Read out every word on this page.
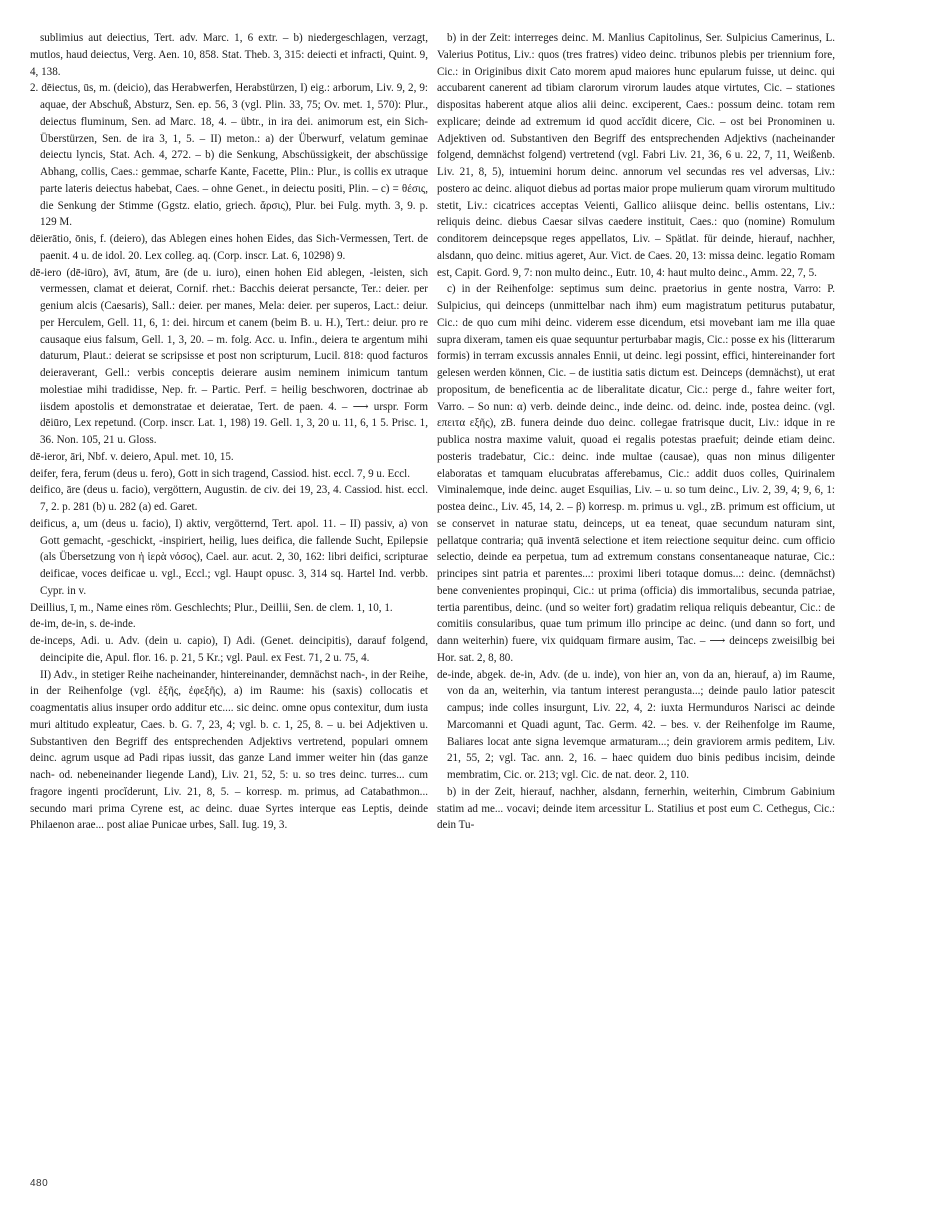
sublimius aut deiectius, Tert. adv. Marc. 1, 6 extr. – b) niedergeschlagen, verzagt, mutlos, haud deiectus, Verg. Aen. 10, 858. Stat. Theb. 3, 315: deiecti et infracti, Quint. 9, 4, 138.

2. dēiectus, ūs, m. (deicio), das Herabwerfen, Herabstürzen, I) eig.: arborum, Liv. 9, 2, 9: aquae, der Abschuß, Absturz, Sen. ep. 56, 3 (vgl. Plin. 33, 75; Ov. met. 1, 570): Plur., deiectus fluminum, Sen. ad Marc. 18, 4. – übtr., in ira dei. animorum est, ein Sich-Überstürzen, Sen. de ira 3, 1, 5. – II) meton.: a) der Überwurf, velatum geminae deiectu lyncis, Stat. Ach. 4, 272. – b) die Senkung, Abschüssigkeit, der abschüssige Abhang, collis, Caes.: gemmae, scharfe Kante, Facette, Plin.: Plur., is collis ex utraque parte lateris deiectus habebat, Caes. – ohne Genet., in deiectu positi, Plin. – c) = θέσις, die Senkung der Stimme (Ggstz. elatio, griech. ἄρσις), Plur. bei Fulg. myth. 3, 9. p. 129 M.

dēierātio, ōnis, f. (deiero), das Ablegen eines hohen Eides, das Sich-Vermessen, Tert. de paenit. 4 u. de idol. 20. Lex colleg. aq. (Corp. inscr. Lat. 6, 10298) 9.

dē-iero (dē-iūro), āvī, ātum, āre (de u. iuro), einen hohen Eid ablegen, -leisten, sich vermessen, clamat et deierat, Cornif. rhet.: Bacchis deierat persancte, Ter.: deier. per genium alcis (Caesaris), Sall.: deier. per manes, Mela: deier. per superos, Lact.: deiur. per Herculem, Gell. 11, 6, 1: dei. hircum et canem (beim B. u. H.), Tert.: deiur. pro re causaque eius falsum, Gell. 1, 3, 20. – m. folg. Acc. u. Infin., deiera te argentum mihi daturum, Plaut.: deierat se scripsisse et post non scripturum, Lucil. 818: quod facturos deieraverant, Gell.: verbis conceptis deierare ausim neminem inimicum tantum molestiae mihi tradidisse, Nep. fr. – Partic. Perf. = heilig beschworen, doctrinae ab iisdem apostolis et demonstratae et deieratae, Tert. de paen. 4. – ⟶ urspr. Form dēiūro, Lex repetund. (Corp. inscr. Lat. 1, 198) 19. Gell. 1, 3, 20 u. 11, 6, 1 5. Prisc. 1, 36. Non. 105, 21 u. Gloss.

dē-ieror, āri, Nbf. v. deiero, Apul. met. 10, 15.

deifer, fera, ferum (deus u. fero), Gott in sich tragend, Cassiod. hist. eccl. 7, 9 u. Eccl.

deifico, āre (deus u. facio), vergöttern, Augustin. de civ. dei 19, 23, 4. Cassiod. hist. eccl. 7, 2. p. 281 (b) u. 282 (a) ed. Garet.

deificus, a, um (deus u. facio), I) aktiv, vergötternd, Tert. apol. 11. – II) passiv, a) von Gott gemacht, -geschickt, -inspiriert, heilig, lues deifica, die fallende Sucht, Epilepsie (als Übersetzung von ἡ ἱερὰ νόσος), Cael. aur. acut. 2, 30, 162: libri deifici, scripturae deificae, voces deificae u. vgl., Eccl.; vgl. Haupt opusc. 3, 314 sq. Hartel Ind. verbb. Cypr. in v.

Deillius, ī, m., Name eines röm. Geschlechts; Plur., Deillii, Sen. de clem. 1, 10, 1.

de-im, de-in, s. de-inde.

de-inceps, Adi. u. Adv. (dein u. capio), I) Adi. (Genet. deincipitis), darauf folgend, deincipite die, Apul. flor. 16. p. 21, 5 Kr.; vgl. Paul. ex Fest. 71, 2 u. 75, 4.

II) Adv., in stetiger Reihe nacheinander, hintereinander, demnächst nach-, in der Reihe, in der Reihenfolge (vgl. ἑξῆς, ἐφεξῆς), a) im Raume: his (saxis) collocatis et coagmentatis alius insuper ordo additur etc.... sic deinc. omne opus contexitur, dum iusta muri altitudo expleatur, Caes. b. G. 7, 23, 4; vgl. b. c. 1, 25, 8. – u. bei Adjektiven u. Substantiven den Begriff des entsprechenden Adjektivs vertretend, populari omnem deinc. agrum usque ad Padi ripas iussit, das ganze Land immer weiter hin (das ganze nach- od. nebeneinander liegende Land), Liv. 21, 52, 5: u. so tres deinc. turres... cum fragore ingenti procĭderunt, Liv. 21, 8, 5. – korresp. m. primus, ad Catabathmon... secundo mari prima Cyrene est, ac deinc. duae Syrtes interque eas Leptis, deinde Philaenon arae... post aliae Punicae urbes, Sall. Iug. 19, 3.

b) in der Zeit: interreges deinc. M. Manlius Capitolinus, Ser. Sulpicius Camerinus, L. Valerius Potitus, Liv.: quos (tres fratres) video deinc. tribunos plebis per triennium fore, Cic.: in Originibus dixit Cato morem apud maiores hunc epularum fuisse, ut deinc. qui accubarent canerent ad tibiam clarorum virorum laudes atque virtutes, Cic. – stationes dispositas haberent atque alios alii deinc. exciperent, Caes.: possum deinc. totam rem explicare; deinde ad extremum id quod accĭdit dicere, Cic. – ost bei Pronominen u. Adjektiven od. Substantiven den Begriff des entsprechenden Adjektivs (nacheinander folgend, demnächst folgend) vertretend (vgl. Fabri Liv. 21, 36, 6 u. 22, 7, 11, Weißenb. Liv. 21, 8, 5), intuemini horum deinc. annorum vel secundas res vel adversas, Liv.: postero ac deinc. aliquot diebus ad portas maior prope mulierum quam virorum multitudo stetit, Liv.: cicatrices acceptas Veienti, Gallico aliisque deinc. bellis ostentans, Liv.: reliquis deinc. diebus Caesar silvas caedere instituit, Caes.: quo (nomine) Romulum conditorem deincepsque reges appellatos, Liv. – Spätlat. für deinde, hierauf, nachher, alsdann, quo deinc. mitius ageret, Aur. Vict. de Caes. 20, 13: missa deinc. legatio Romam est, Capit. Gord. 9, 7: non multo deinc., Eutr. 10, 4: haut multo deinc., Amm. 22, 7, 5.

c) in der Reihenfolge: septimus sum deinc. praetorius in gente nostra, Varro: P. Sulpicius, qui deinceps (unmittelbar nach ihm) eum magistratum petiturus putabatur, Cic.: de quo cum mihi deinc. viderem esse dicendum, etsi movebant iam me illa quae supra dixeram, tamen eis quae sequuntur perturbabar magis, Cic.: posse ex his (litterarum formis) in terram excussis annales Ennii, ut deinc. legi possint, effici, hintereinander fort gelesen werden können, Cic. – de iustitia satis dictum est. Deinceps (demnächst), ut erat propositum, de beneficentia ac de liberalitate dicatur, Cic.: perge d., fahre weiter fort, Varro. – So nun: α) verb. deinde deinc., inde deinc. od. deinc. inde, postea deinc. (vgl. επειτα εξῆς), zB. funera deinde duo deinc. collegae fratrisque ducit, Liv.: idque in re publica nostra maxime valuit, quoad ei regalis potestas praefuit; deinde etiam deinc. posteris tradebatur, Cic.: deinc. inde multae (causae), quas non minus diligenter elaboratas et tamquam elucubratas afferebamus, Cic.: addit duos colles, Quirinalem Viminalemque, inde deinc. auget Esquilias, Liv. – u. so tum deinc., Liv. 2, 39, 4; 9, 6, 1: postea deinc., Liv. 45, 14, 2. – β) korresp. m. primus u. vgl., zB. primum est officium, ut se conservet in naturae statu, deinceps, ut ea teneat, quae secundum naturam sint, pellatque contraria; quā inventā selectione et item reiectione sequitur deinc. cum officio selectio, deinde ea perpetua, tum ad extremum constans consentaneaque naturae, Cic.: principes sint patria et parentes...: proximi liberi totaque domus...: deinc. (demnächst) bene convenientes propinqui, Cic.: ut prima (officia) dis immortalibus, secunda patriae, tertia parentibus, deinc. (und so weiter fort) gradatim reliqua reliquis debeantur, Cic.: de comitiis consularibus, quae tum primum illo principe ac deinc. (und dann so fort, und dann weiterhin) fuere, vix quidquam firmare ausim, Tac. – ⟶ deinceps zweisilbig bei Hor. sat. 2, 8, 80.

de-inde, abgek. de-in, Adv. (de u. inde), von hier an, von da an, hierauf, a) im Raume, von da an, weiterhin, via tantum interest perangusta...; deinde paulo latior patescit campus; inde colles insurgunt, Liv. 22, 4, 2: iuxta Hermunduros Narisci ac deinde Marcomanni et Quadi agunt, Tac. Germ. 42. – bes. v. der Reihenfolge im Raume, Baliares locat ante signa levemque armaturam...; dein graviorem armis peditem, Liv. 21, 55, 2; vgl. Tac. ann. 2, 16. – haec quidem duo binis pedibus incisim, deinde membratim, Cic. or. 213; vgl. Cic. de nat. deor. 2, 110.

b) in der Zeit, hierauf, nachher, alsdann, fernerhin, weiterhin, Cimbrum Gabinium statim ad me... vocavi; deinde item arcessitur L. Statilius et post eum C. Cethegus, Cic.: dein Tu-

480
